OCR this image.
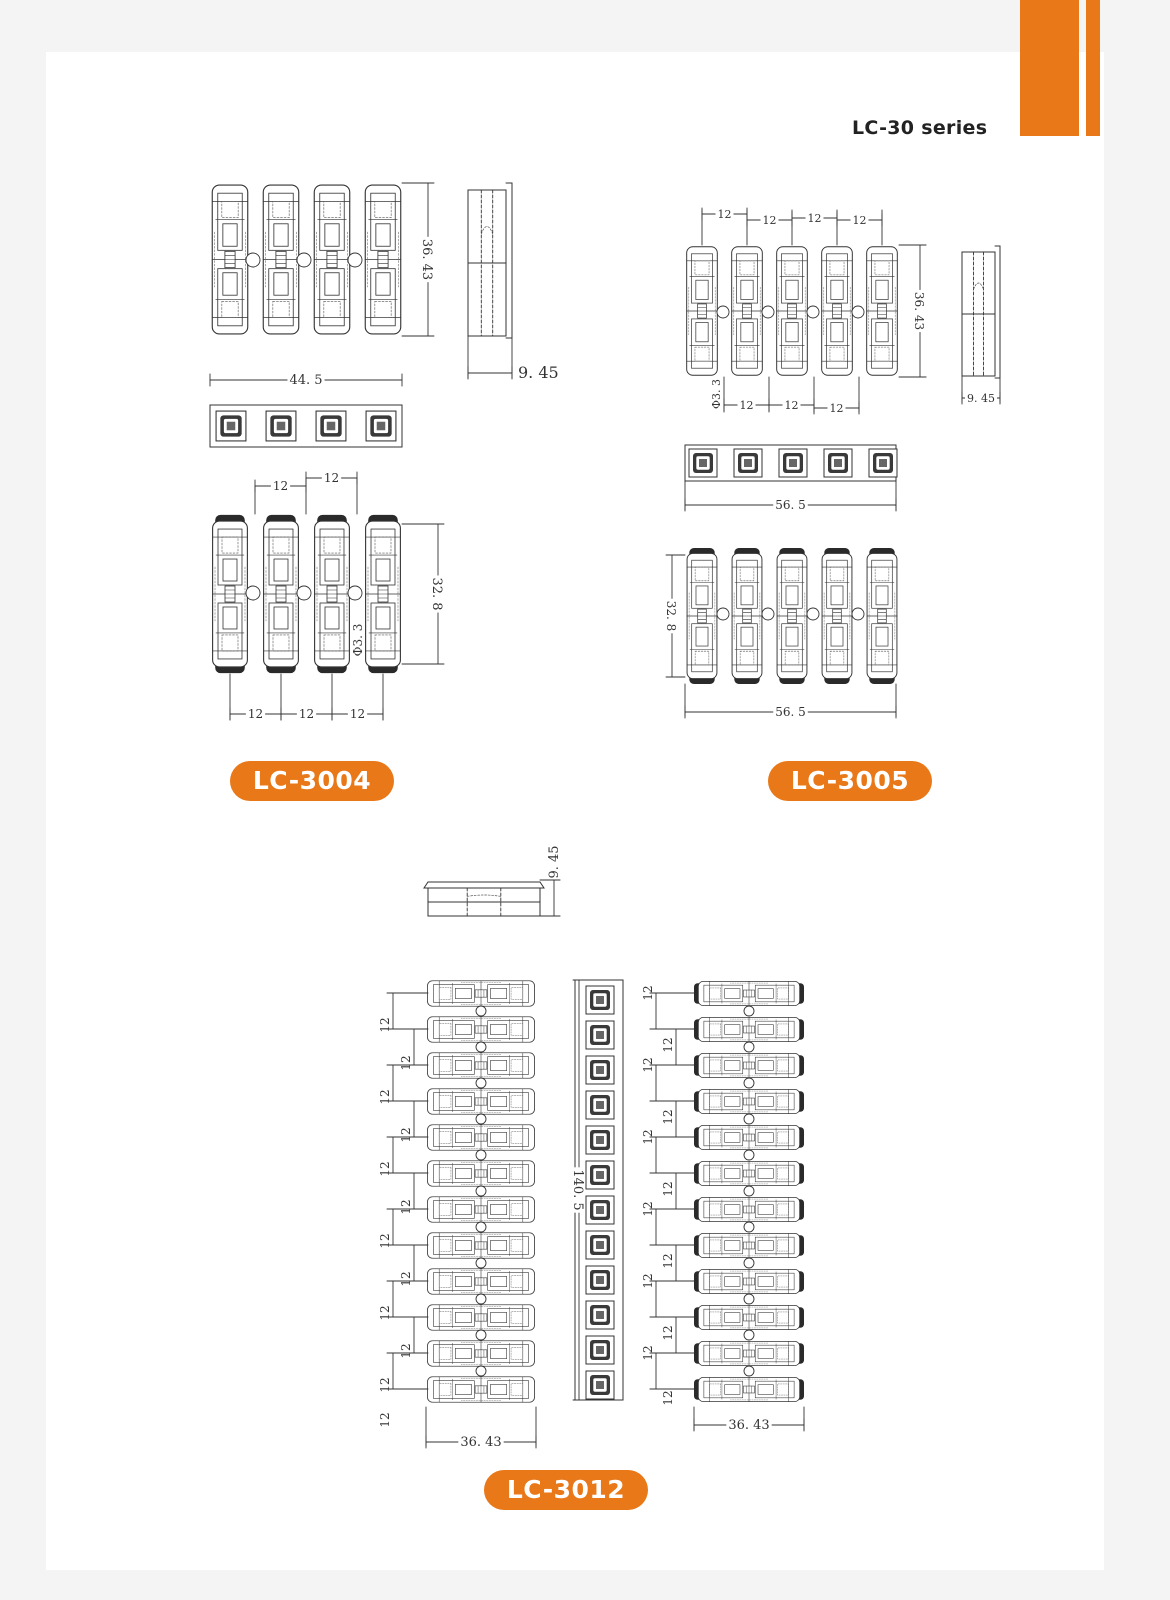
LC-30 series
36. 43
9. 45
44. 5
12
12
32. 8
Φ3. 3
12	12	12
12	12	12	12
36. 43
Φ3. 3 12	12	12
9. 45
56. 5
32. 8
56. 5
9. 45
12
12
12
12
12
12
12
12
12
12
12
12
36. 43
140. 5
12
12
12
12
12
12
12
12
12
12
12
12
36. 43
LC-3004	LC-3005
LC-3012
